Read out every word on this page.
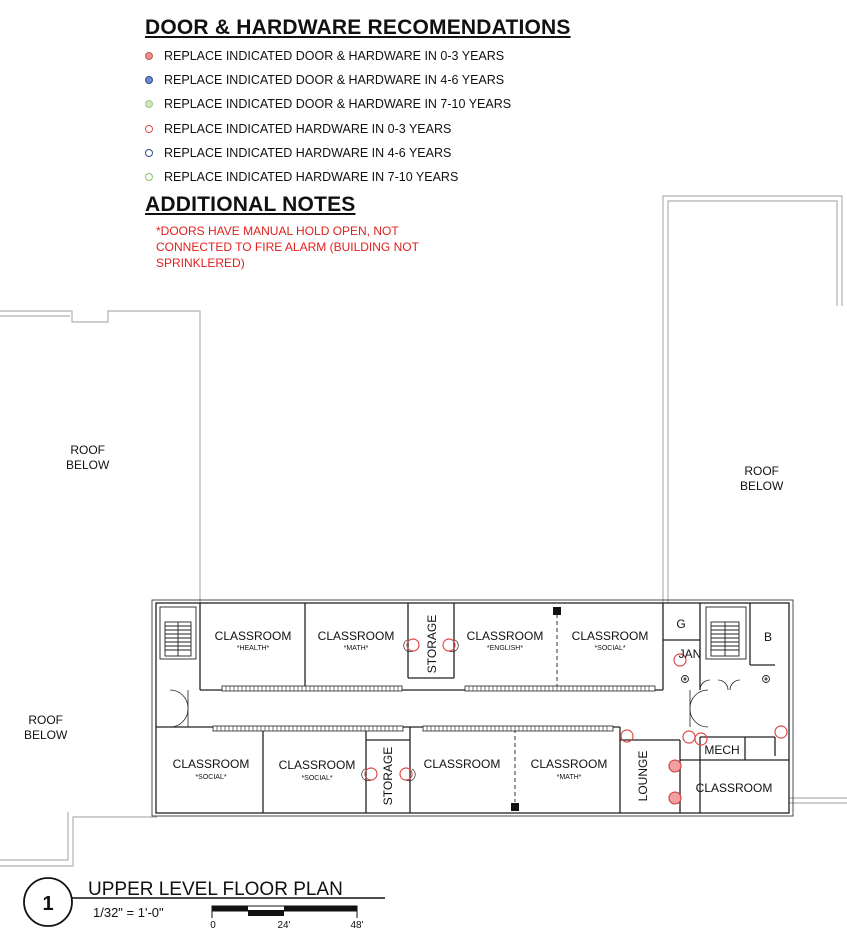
DOOR & HARDWARE RECOMENDATIONS
REPLACE INDICATED DOOR & HARDWARE IN 0-3 YEARS
REPLACE INDICATED DOOR & HARDWARE IN 4-6 YEARS
REPLACE INDICATED DOOR & HARDWARE IN 7-10 YEARS
REPLACE INDICATED HARDWARE IN 0-3 YEARS
REPLACE INDICATED HARDWARE IN 4-6 YEARS
REPLACE INDICATED HARDWARE IN 7-10 YEARS
ADDITIONAL NOTES
*DOORS HAVE MANUAL HOLD OPEN, NOT
CONNECTED TO FIRE ALARM (BUILDING NOT
SPRINKLERED)
CLASSROOM
*HEALTH*
CLASSROOM
*MATH*	STORAGE CLASSROOM
*ENGLISH*
CLASSROOM
*SOCIAL*
G
JAN
B
CLASSROOM
*SOCIAL*
CLASSROOM
*SOCIAL*	STORAGE CLASSROOM	CLASSROOM
*MATH*	LOUNGE
MECH
CLASSROOM
1
UPPER LEVEL FLOOR PLAN
1/32" = 1'-0"
0	24'	48'
ROOF
BELOW	ROOF
BELOW
ROOF
BELOW
